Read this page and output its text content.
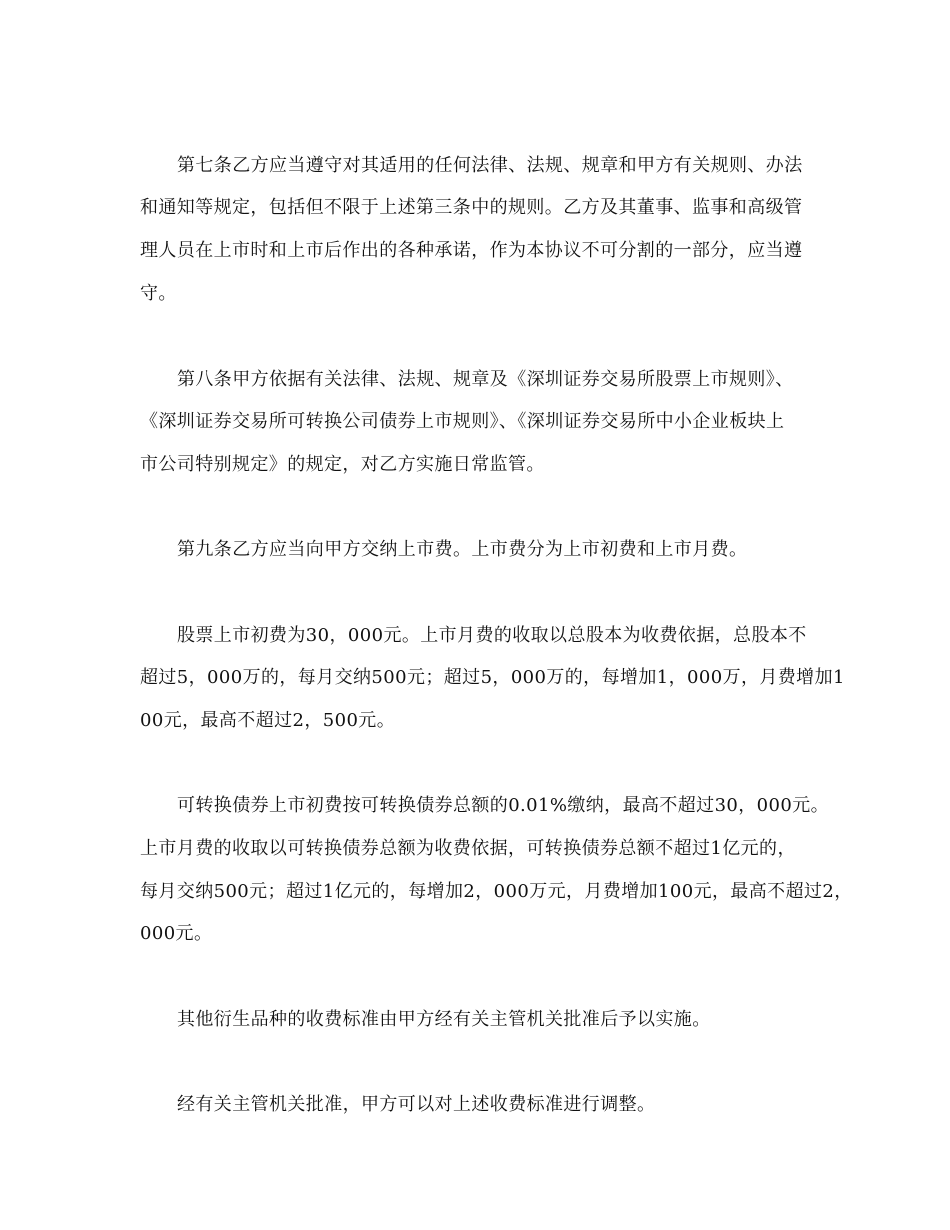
第七条乙方应当遵守对其适用的任何法律、法规、规章和甲方有关规则、办法
和通知等规定，包括但不限于上述第三条中的规则。乙方及其董事、监事和高级管
理人员在上市时和上市后作出的各种承诺，作为本协议不可分割的一部分，应当遵
守。
第八条甲方依据有关法律、法规、规章及《深圳证券交易所股票上市规则》、
《深圳证券交易所可转换公司债券上市规则》、《深圳证券交易所中小企业板块上
市公司特别规定》的规定，对乙方实施日常监管。
第九条乙方应当向甲方交纳上市费。上市费分为上市初费和上市月费。
股票上市初费为30，000元。上市月费的收取以总股本为收费依据，总股本不
超过5，000万的，每月交纳500元；超过5，000万的，每增加1，000万，月费增加1
00元，最高不超过2，500元。
可转换债券上市初费按可转换债券总额的0.01%缴纳，最高不超过30，000元。
上市月费的收取以可转换债券总额为收费依据，可转换债券总额不超过1亿元的，
每月交纳500元；超过1亿元的，每增加2，000万元，月费增加100元，最高不超过2，
000元。
其他衍生品种的收费标准由甲方经有关主管机关批准后予以实施。
经有关主管机关批准，甲方可以对上述收费标准进行调整。
